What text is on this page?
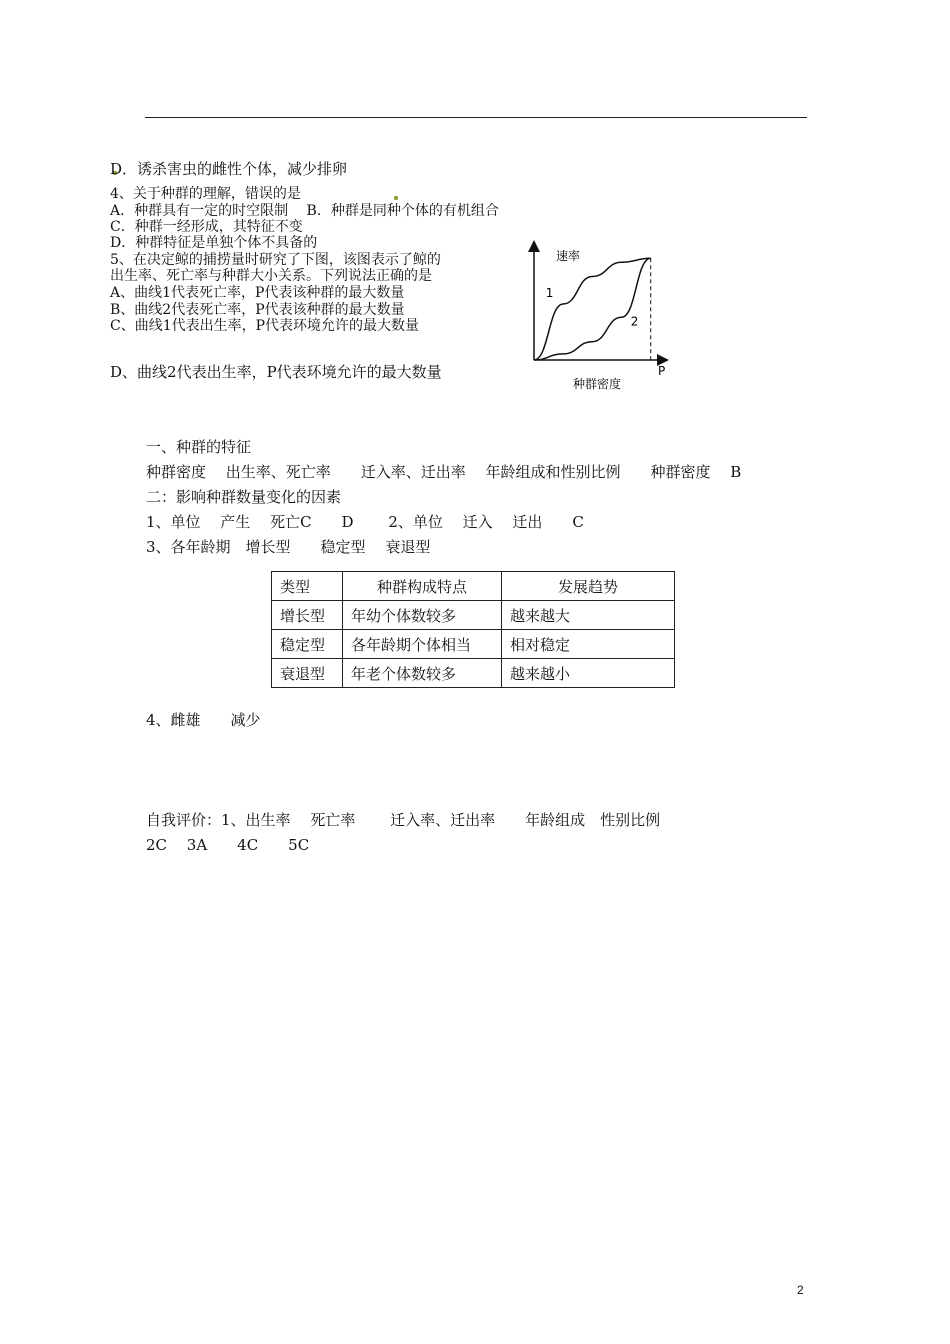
D．诱杀害虫的雌性个体，减少排卵
4、关于种群的理解，错误的是
A．种群具有一定的时空限制　 B．种群是同种个体的有机组合
C．种群一经形成，其特征不变
D．种群特征是单独个体不具备的
5、在决定鲸的捕捞量时研究了下图，该图表示了鲸的
出生率、死亡率与种群大小关系。下列说法正确的是
A、曲线1代表死亡率，P代表该种群的最大数量
B、曲线2代表死亡率，P代表该种群的最大数量
C、曲线1代表出生率，P代表环境允许的最大数量
D、曲线2代表出生率，P代表环境允许的最大数量
1
2
速率
P
种群密度
一、种群的特征
种群密度　 出生率、死亡率　　迁入率、迁出率　 年龄组成和性别比例　　种群密度　 B
二：影响种群数量变化的因素
1、单位　 产生　 死亡C　　D　　 2、单位　 迁入　 迁出　　C
3、各年龄期　增长型　　稳定型　 衰退型
类型	种群构成特点	发展趋势
增长型	年幼个体数较多	越来越大
稳定型	各年龄期个体相当	相对稳定
衰退型	年老个体数较多	越来越小
4、雌雄　　减少
自我评价：1、出生率　 死亡率　　 迁入率、迁出率　　年龄组成　性别比例
2C　 3A　　4C　　5C
2
